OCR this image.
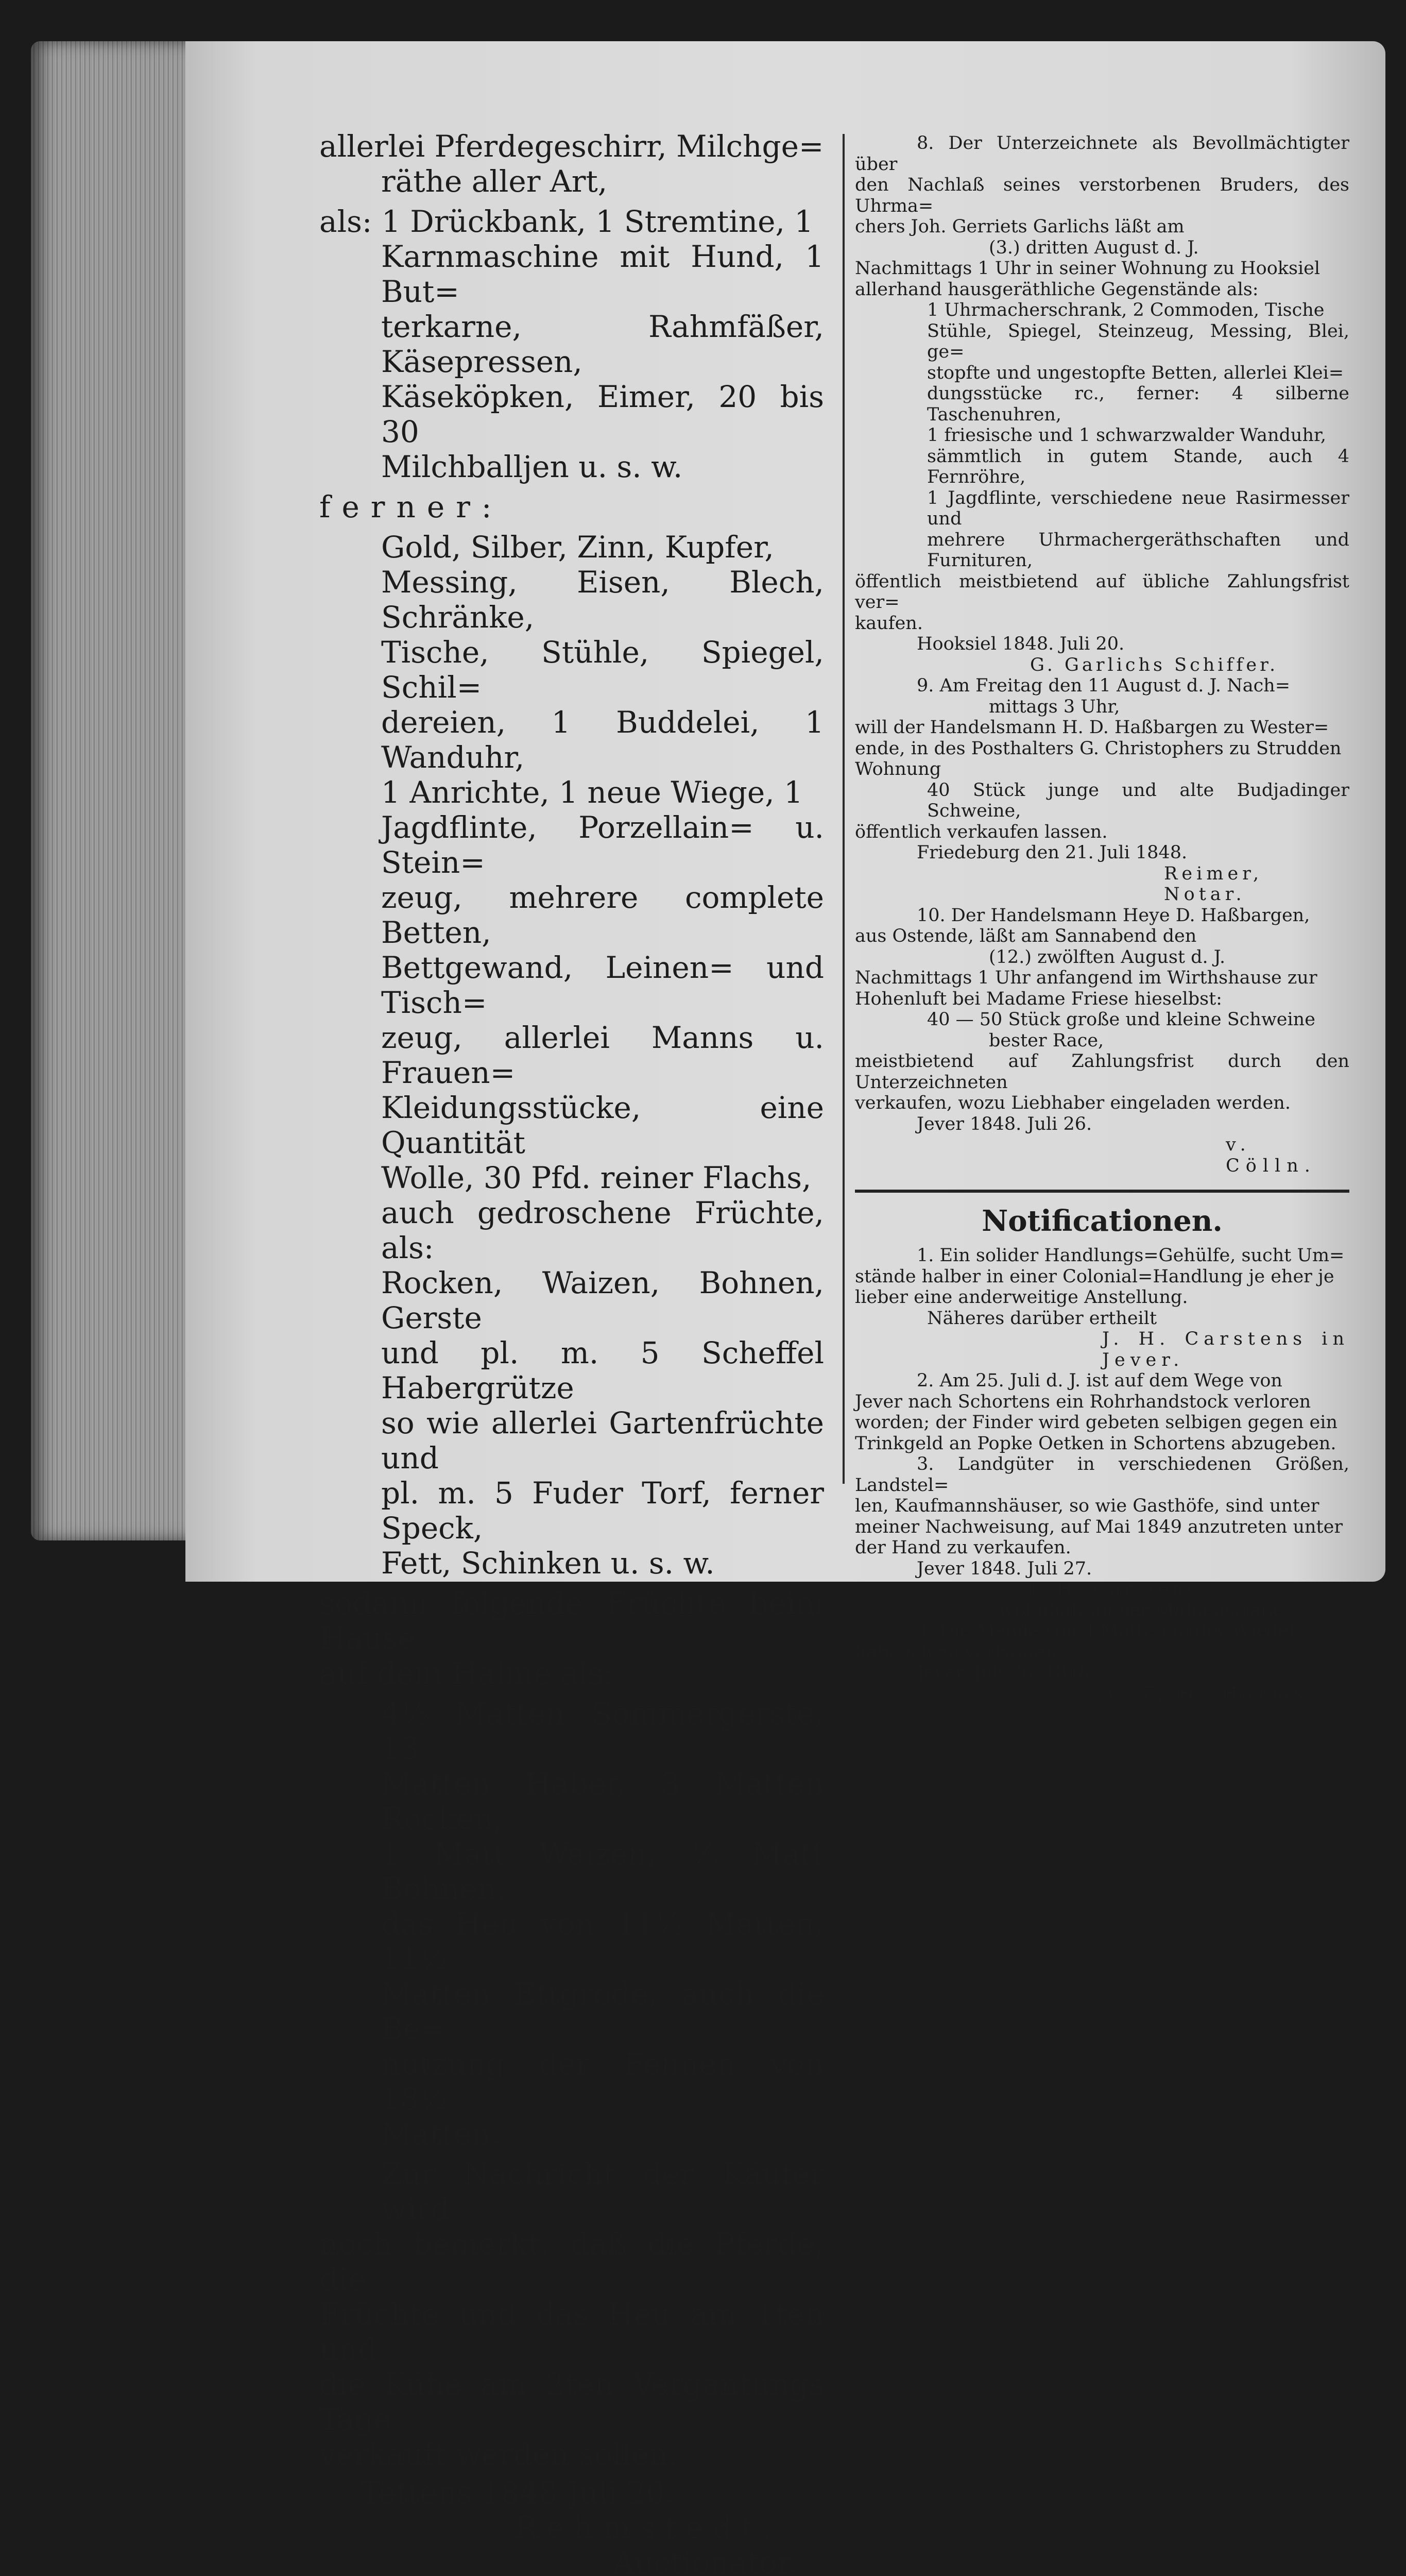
allerlei Pferdegeschirr, Milchge=

räthe aller Art,

als: 1 Drückbank, 1 Stremtine, 1

Karnmaschine mit Hund, 1 But=

terkarne, Rahmfäßer, Käsepressen,

Käseköpken, Eimer, 20 bis 30

Milchballjen u. s. w.

ferner:

Gold, Silber, Zinn, Kupfer,

Messing, Eisen, Blech, Schränke,

Tische, Stühle, Spiegel, Schil=

dereien, 1 Buddelei, 1 Wanduhr,

1 Anrichte, 1 neue Wiege, 1

Jagdflinte, Porzellain= u. Stein=

zeug, mehrere complete Betten,

Bettgewand, Leinen= und Tisch=

zeug, allerlei Manns u. Frauen=

Kleidungsstücke, eine Quantität

Wolle, 30 Pfd. reiner Flachs,

auch gedroschene Früchte, als:

Rocken, Waizen, Bohnen, Gerste

und pl. m. 5 Scheffel Habergrütze

so wie allerlei Gartenfrüchte und

pl. m. 5 Fuder Torf, ferner Speck,

Fett, Schinken u. s. w.

sodann folgende Früchte beim Hause

auf dem Halme als:

4½ Matten Sommergerste, 13

Matten Haber, 3 Matten Rocken,

1 Matt Waizen, ⅓ Matt Bohnen,

das Heu von 11½ Matten, 11½

Matten Ettgrode, auch die Be=

nutzung der Fennen von 18½

Matten.

Zur Nachricht der Käufer wird

noch bemerkt, daß die Pferde, die

Früchte und das Heu am 1ten und

die Kühe am 2ten Vergantungs Tage

verkauft werden sollen.

Tettens 1848 Juli 20.

Rehmstedt,

Auctionator.

8. Der Unterzeichnete als Bevollmächtigter über

den Nachlaß seines verstorbenen Bruders, des Uhrma=

chers Joh. Gerriets Garlichs läßt am

(3.) dritten August d. J.

Nachmittags 1 Uhr in seiner Wohnung zu Hooksiel

allerhand hausgeräthliche Gegenstände als:

1 Uhrmacherschrank, 2 Commoden, Tische

Stühle, Spiegel, Steinzeug, Messing, Blei, ge=

stopfte und ungestopfte Betten, allerlei Klei=

dungsstücke rc., ferner: 4 silberne Taschenuhren,

1 friesische und 1 schwarzwalder Wanduhr,

sämmtlich in gutem Stande, auch 4 Fernröhre,

1 Jagdflinte, verschiedene neue Rasirmesser und

mehrere Uhrmachergeräthschaften und Furnituren,

öffentlich meistbietend auf übliche Zahlungsfrist ver=

kaufen.

Hooksiel 1848. Juli 20.

G. Garlichs Schiffer.

9. Am Freitag den 11 August d. J. Nach=

mittags 3 Uhr,

will der Handelsmann H. D. Haßbargen zu Wester=

ende, in des Posthalters G. Christophers zu Strudden

Wohnung

40 Stück junge und alte Budjadinger Schweine,

öffentlich verkaufen lassen.

Friedeburg den 21. Juli 1848.

Reimer, Notar.

10. Der Handelsmann Heye D. Haßbargen,

aus Ostende, läßt am Sannabend den

(12.) zwölften August d. J.

Nachmittags 1 Uhr anfangend im Wirthshause zur

Hohenluft bei Madame Friese hieselbst:

40 — 50 Stück große und kleine Schweine

bester Race,

meistbietend auf Zahlungsfrist durch den Unterzeichneten

verkaufen, wozu Liebhaber eingeladen werden.

Jever 1848. Juli 26.

v. Cölln.

Notificationen.

1. Ein solider Handlungs=Gehülfe, sucht Um=

stände halber in einer Colonial=Handlung je eher je

lieber eine anderweitige Anstellung.

Näheres darüber ertheilt

J. H. Carstens in Jever.

2. Am 25. Juli d. J. ist auf dem Wege von

Jever nach Schortens ein Rohrhandstock verloren

worden; der Finder wird gebeten selbigen gegen ein

Trinkgeld an Popke Oetken in Schortens abzugeben.

3. Landgüter in verschiedenen Größen, Landstel=

len, Kaufmannshäuser, so wie Gasthöfe, sind unter

meiner Nachweisung, auf Mai 1849 anzutreten unter

der Hand zu verkaufen.

Jever 1848. Juli 27.

J. H. Carstens,

wohnhaft an der Mühlenstraße.

4. Die Mehde von 4 Matten in der Wiedel

habe ich zu verkaufen.

Jever, Juli 26. 1848.

A. F. H. Harms.
